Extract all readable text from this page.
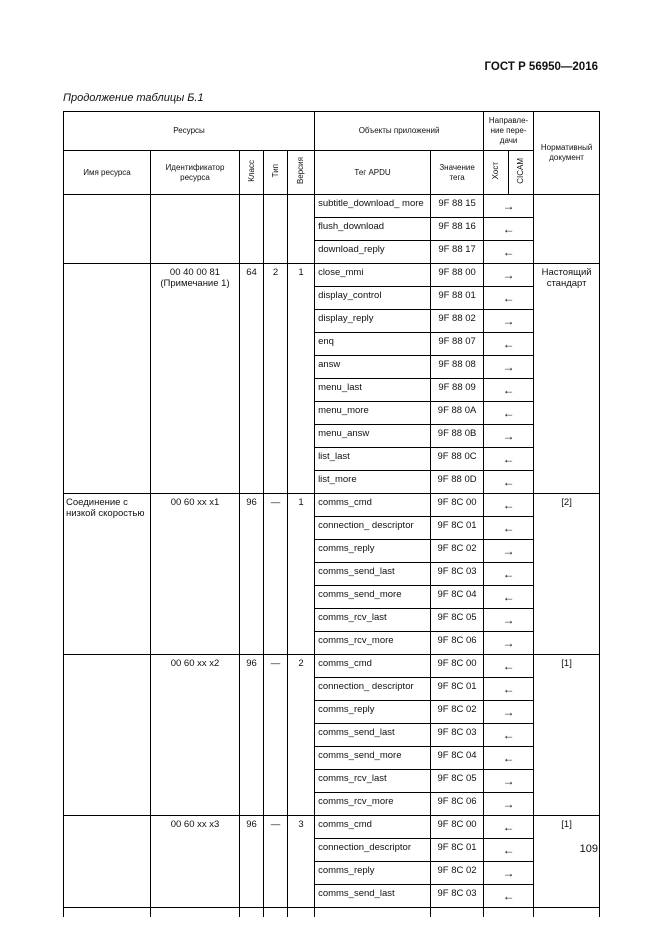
ГОСТ Р 56950—2016
Продолжение таблицы Б.1
Ресурсы					Объекты приложений		Направле-ние пере-дачи		Нормативный документ
Имя ресурса	Идентификатор ресурса	Класс	Тип	Версия	Тег APDU	Значение тега	Хост	CICAM	
					subtitle_download_ more	9F 88 15	→		
					flush_download	9F 88 16	←		
					download_reply	9F 88 17	←		
	00 40 00 81 (Примечание 1)	64	2	1	close_mmi	9F 88 00	→		Настоящий стандарт
					display_control	9F 88 01	←		
					display_reply	9F 88 02	→		
					enq	9F 88 07	←		
					answ	9F 88 08	→		
					menu_last	9F 88 09	←		
					menu_more	9F 88 0A	←		
					menu_answ	9F 88 0B	→		
					list_last	9F 88 0C	←		
					list_more	9F 88 0D	←		
Соединение с низкой скоростью	00 60 xx x1	96	—	1	comms_cmd	9F 8C 00	←		[2]
					connection_ descriptor	9F 8C 01	←		
					comms_reply	9F 8C 02	→		
					comms_send_last	9F 8C 03	←		
					comms_send_more	9F 8C 04	←		
					comms_rcv_last	9F 8C 05	→		
					comms_rcv_more	9F 8C 06	→		
	00 60 xx x2	96	—	2	comms_cmd	9F 8C 00	←		[1]
					connection_ descriptor	9F 8C 01	←		
					comms_reply	9F 8C 02	→		
					comms_send_last	9F 8C 03	←		
					comms_send_more	9F 8C 04	←		
					comms_rcv_last	9F 8C 05	→		
					comms_rcv_more	9F 8C 06	→		
	00 60 xx x3	96	—	3	comms_cmd	9F 8C 00	←		[1]
					connection_descriptor	9F 8C 01	←		
					comms_reply	9F 8C 02	→		
					comms_send_last	9F 8C 03	←		

109
